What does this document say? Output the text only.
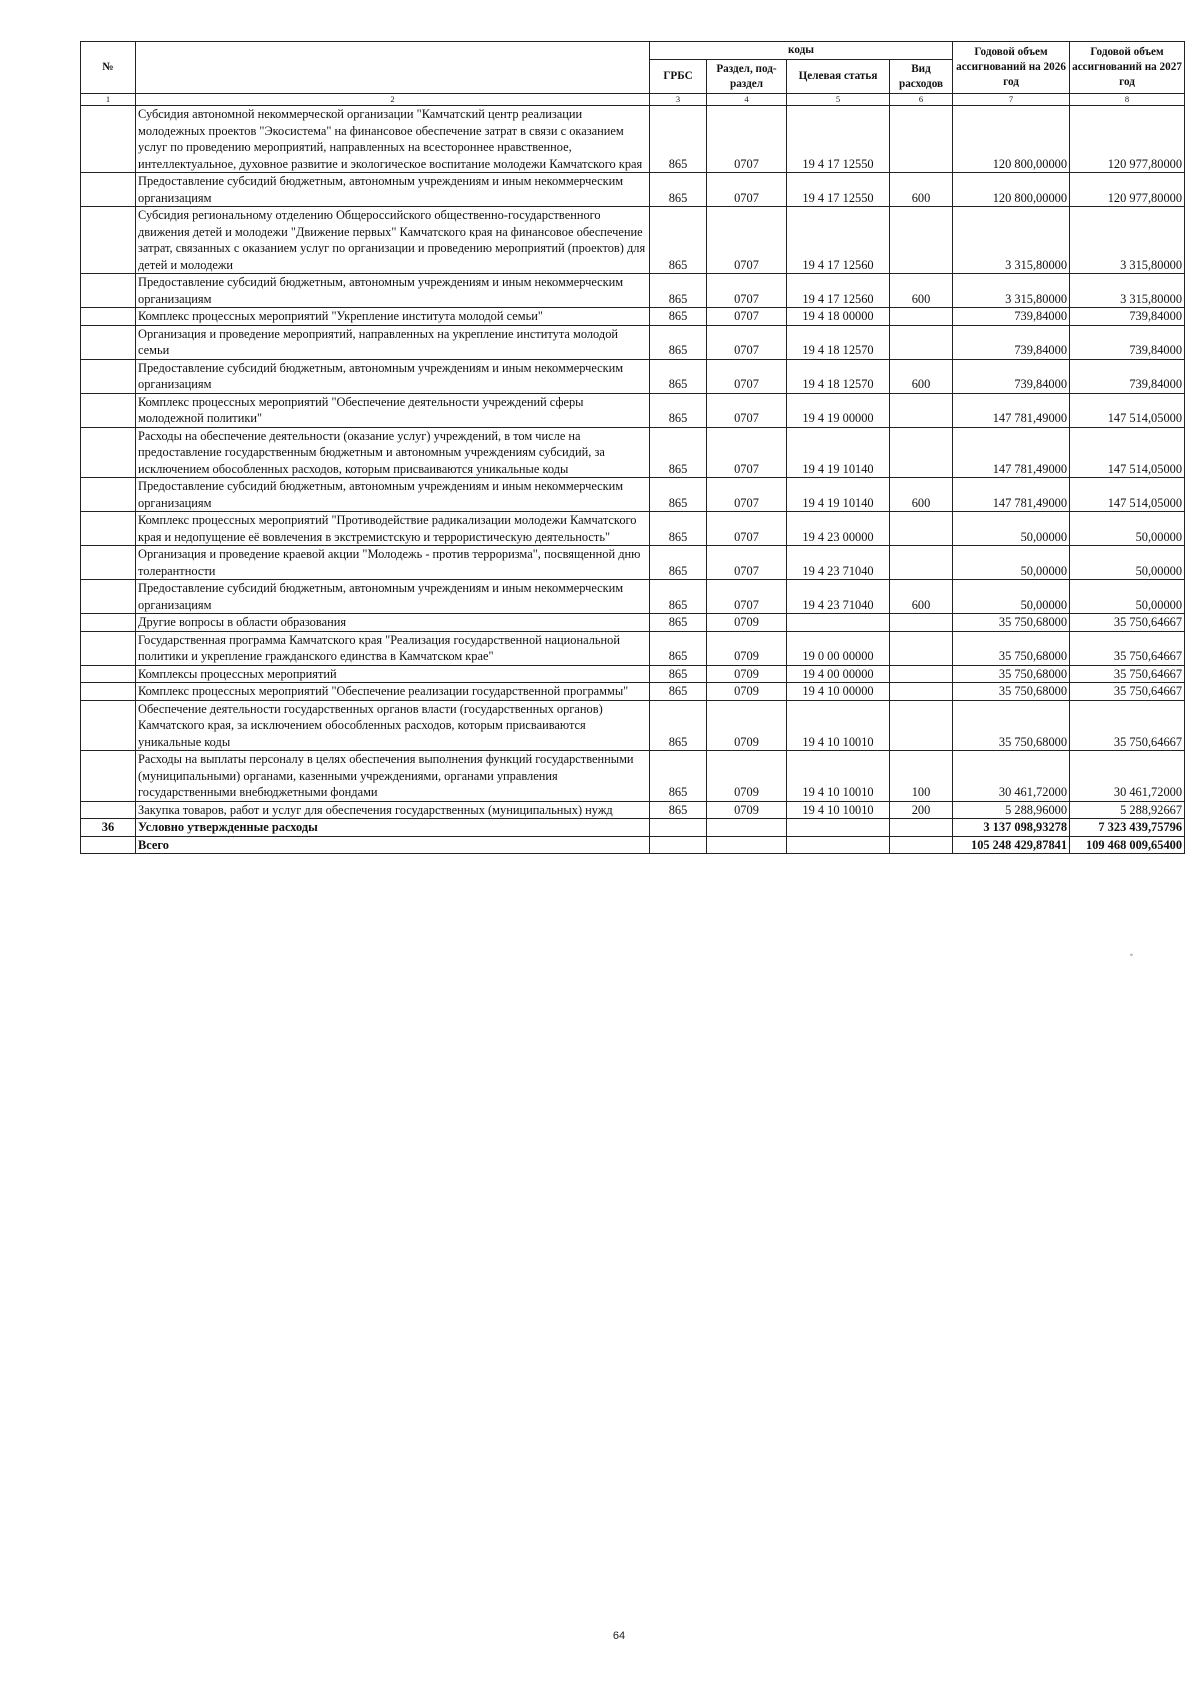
№		коды				Годовой объем ассигнований на 2026 год	Годовой объем ассигнований на 2027 год
		ГРБС	Раздел, под-раздел	Целевая статья	Вид расходов		
1	2	3	4	5	6	7	8
	Субсидия автономной некоммерческой организации "Камчатский центр реализации молодежных проектов "Экосистема" на финансовое обеспечение затрат в связи с оказанием услуг по проведению мероприятий, направленных на всестороннее нравственное, интеллектуальное, духовное развитие и экологическое воспитание молодежи Камчатского края	865	0707	19 4 17 12550		120 800,00000	120 977,80000
	Предоставление субсидий бюджетным, автономным учреждениям и иным некоммерческим организациям	865	0707	19 4 17 12550	600	120 800,00000	120 977,80000
	Субсидия региональному отделению Общероссийского общественно-государственного движения детей и молодежи "Движение первых" Камчатского края на финансовое обеспечение затрат, связанных с оказанием услуг по организации и проведению мероприятий (проектов) для детей и молодежи	865	0707	19 4 17 12560		3 315,80000	3 315,80000
	Предоставление субсидий бюджетным, автономным учреждениям и иным некоммерческим организациям	865	0707	19 4 17 12560	600	3 315,80000	3 315,80000
	Комплекс процессных мероприятий "Укрепление института молодой семьи"	865	0707	19 4 18 00000		739,84000	739,84000
	Организация и проведение мероприятий, направленных на укрепление института молодой семьи	865	0707	19 4 18 12570		739,84000	739,84000
	Предоставление субсидий бюджетным, автономным учреждениям и иным некоммерческим организациям	865	0707	19 4 18 12570	600	739,84000	739,84000
	Комплекс процессных мероприятий "Обеспечение деятельности учреждений сферы молодежной политики"	865	0707	19 4 19 00000		147 781,49000	147 514,05000
	Расходы на обеспечение деятельности (оказание услуг) учреждений, в том числе на предоставление государственным бюджетным и автономным учреждениям субсидий, за исключением обособленных расходов, которым присваиваются уникальные коды	865	0707	19 4 19 10140		147 781,49000	147 514,05000
	Предоставление субсидий бюджетным, автономным учреждениям и иным некоммерческим организациям	865	0707	19 4 19 10140	600	147 781,49000	147 514,05000
	Комплекс процессных мероприятий "Противодействие радикализации молодежи Камчатского края и недопущение её вовлечения в экстремистскую и террористическую деятельность"	865	0707	19 4 23 00000		50,00000	50,00000
	Организация и проведение краевой акции "Молодежь - против терроризма", посвященной дню толерантности	865	0707	19 4 23 71040		50,00000	50,00000
	Предоставление субсидий бюджетным, автономным учреждениям и иным некоммерческим организациям	865	0707	19 4 23 71040	600	50,00000	50,00000
	Другие вопросы в области образования	865	0709			35 750,68000	35 750,64667
	Государственная программа Камчатского края "Реализация государственной национальной политики и укрепление гражданского единства в Камчатском крае"	865	0709	19 0 00 00000		35 750,68000	35 750,64667
	Комплексы процессных мероприятий	865	0709	19 4 00 00000		35 750,68000	35 750,64667
	Комплекс процессных мероприятий "Обеспечение реализации государственной программы"	865	0709	19 4 10 00000		35 750,68000	35 750,64667
	Обеспечение деятельности государственных органов власти (государственных органов) Камчатского края, за исключением обособленных расходов, которым присваиваются уникальные коды	865	0709	19 4 10 10010		35 750,68000	35 750,64667
	Расходы на выплаты персоналу в целях обеспечения выполнения функций государственными (муниципальными) органами, казенными учреждениями, органами управления государственными внебюджетными фондами	865	0709	19 4 10 10010	100	30 461,72000	30 461,72000
	Закупка товаров, работ и услуг для обеспечения государственных (муниципальных) нужд	865	0709	19 4 10 10010	200	5 288,96000	5 288,92667
36	Условно утвержденные расходы					3 137 098,93278	7 323 439,75796
	Всего					105 248 429,87841	109 468 009,65400
»
64
